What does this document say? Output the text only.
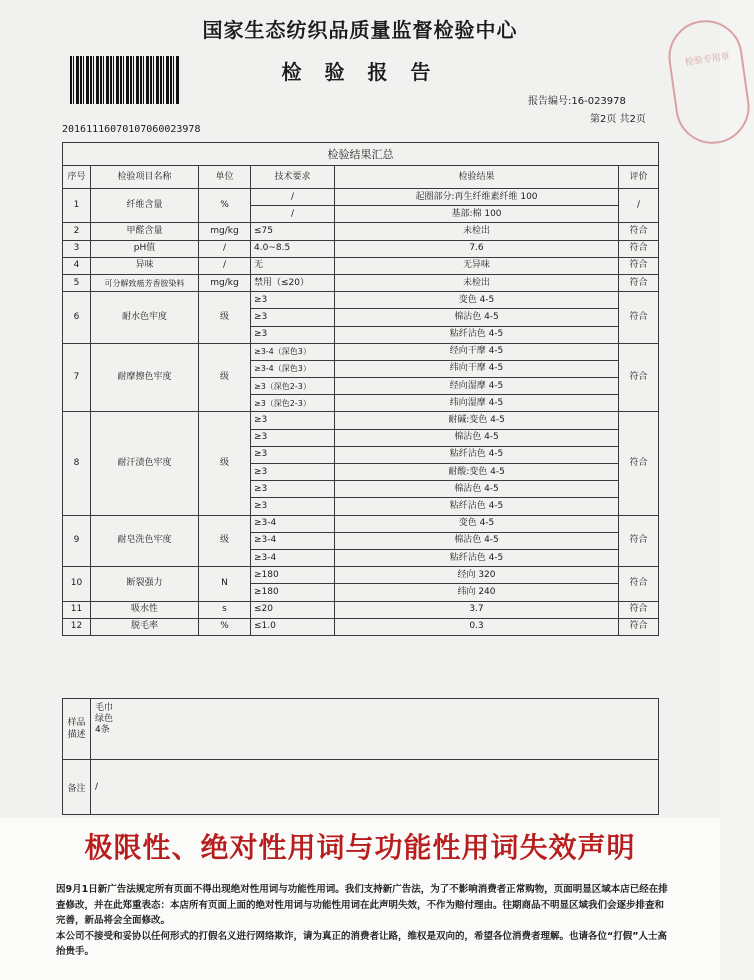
检验专用章
国家生态纺织品质量监督检验中心
检 验 报 告
报告编号:16-023978
第2页 共2页
20161116070107060023978
检验结果汇总					
序号	检验项目名称	单位	技术要求	检验结果	评价
1	纤维含量	%	/	起圈部分:再生纤维素纤维 100	/
			/	基部:棉 100	
2	甲醛含量	mg/kg	≤75	未检出	符合
3	pH值	/	4.0~8.5	7.6	符合
4	异味	/	无	无异味	符合
5	可分解致癌芳香胺染料	mg/kg	禁用（≤20）	未检出	符合
6	耐水色牢度	级	≥3	变色 4-5	符合
			≥3	棉沾色 4-5	
			≥3	粘纤沾色 4-5	
7	耐摩擦色牢度	级	≥3-4（深色3）	经向干摩 4-5	符合
			≥3-4（深色3）	纬向干摩 4-5	
			≥3（深色2-3）	经向湿摩 4-5	
			≥3（深色2-3）	纬向湿摩 4-5	
8	耐汗渍色牢度	级	≥3	耐碱:变色 4-5	符合
			≥3	棉沾色 4-5	
			≥3	粘纤沾色 4-5	
			≥3	耐酸:变色 4-5	
			≥3	棉沾色 4-5	
			≥3	粘纤沾色 4-5	
9	耐皂洗色牢度	级	≥3-4	变色 4-5	符合
			≥3-4	棉沾色 4-5	
			≥3-4	粘纤沾色 4-5	
10	断裂强力	N	≥180	经向 320	符合
			≥180	纬向 240	
11	吸水性	s	≤20	3.7	符合
12	脱毛率	%	≤1.0	0.3	符合
样品描述	毛巾
绿色
4条

备注	/
极限性、绝对性用词与功能性用词失效声明

因9月1日新广告法规定所有页面不得出现绝对性用词与功能性用词。我们支持新广告法，为了不影响消费者正常购物，页面明显区域本店已经在排查修改，并在此郑重表态：本店所有页面上面的绝对性用词与功能性用词在此声明失效，不作为赔付理由。往期商品不明显区域我们会逐步排查和完善，新品将会全面修改。

本公司不接受和妥协以任何形式的打假名义进行网络欺诈，请为真正的消费者让路，维权是双向的，希望各位消费者理解。也请各位“打假”人士高抬贵手。
